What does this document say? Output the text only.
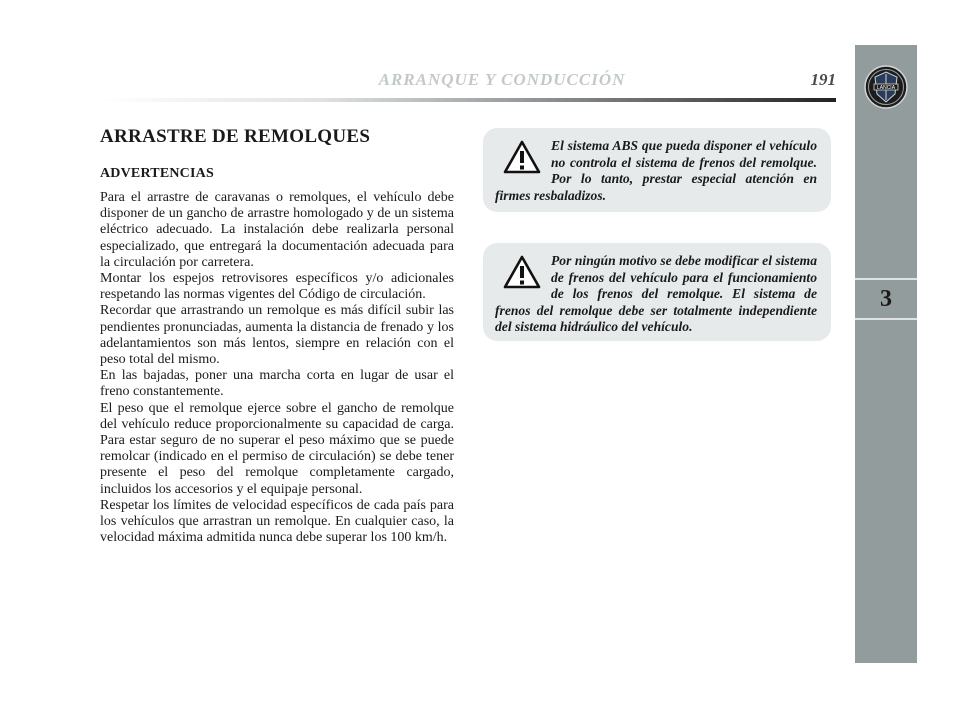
ARRANQUE Y CONDUCCIÓN	191	LANCIA
3
ARRASTRE DE REMOLQUES
ADVERTENCIAS

Para el arrastre de caravanas o remolques, el vehículo debe disponer de un gancho de arrastre homologado y de un sistema eléctrico adecuado. La instalación debe realizarla personal especializado, que entregará la documentación adecuada para la circulación por carretera.

Montar los espejos retrovisores específicos y/o adicionales respetando las normas vigentes del Código de circulación.

Recordar que arrastrando un remolque es más difícil subir las pendientes pronunciadas, aumenta la distancia de frenado y los adelantamientos son más lentos, siempre en relación con el peso total del mismo.

En las bajadas, poner una marcha corta en lugar de usar el freno constantemente.

El peso que el remolque ejerce sobre el gancho de remolque del vehículo reduce proporcionalmente su capacidad de carga. Para estar seguro de no superar el peso máximo que se puede remolcar (indicado en el permiso de circulación) se debe tener presente el peso del remolque completamente cargado, incluidos los accesorios y el equipaje personal.

Respetar los límites de velocidad específicos de cada país para los vehículos que arrastran un remolque. En cualquier caso, la velocidad máxima admitida nunca debe superar los 100 km/h.

El sistema ABS que pueda disponer el vehículo no controla el sistema de frenos del remolque. Por lo tanto, prestar especial atención en firmes resbaladizos.
Por ningún motivo se debe modificar el sistema de frenos del vehículo para el funcionamiento de los frenos del remolque. El sistema de frenos del remolque debe ser totalmente independiente del sistema hidráulico del vehículo.
